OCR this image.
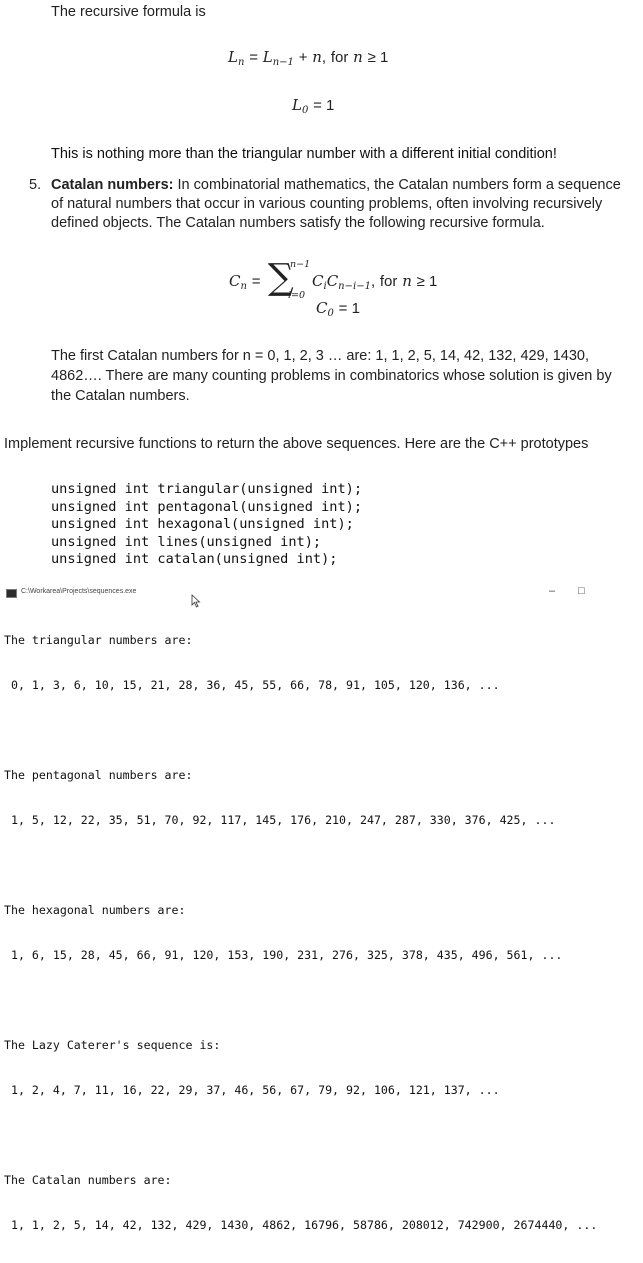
The recursive formula is
$L_n = L_{n-1} + n$, for n ≥ 1
$L_0 = 1$
This is nothing more than the triangular number with a different initial condition!
5. Catalan numbers: In combinatorial mathematics, the Catalan numbers form a sequence
of natural numbers that occur in various counting problems, often involving recursively
defined objects. The Catalan numbers satisfy the following recursive formula.
$C_n$ = ∑
n−1
i=0
$C_iC_{n-i-1}$, for n ≥ 1
$C_0 = 1$
The first Catalan numbers for n = 0, 1, 2, 3 … are: 1, 1, 2, 5, 14, 42, 132, 429, 1430,
4862…. There are many counting problems in combinatorics whose solution is given by
the Catalan numbers.
Implement recursive functions to return the above sequences. Here are the C++ prototypes
unsigned int triangular(unsigned int);
unsigned int pentagonal(unsigned int);
unsigned int hexagonal(unsigned int);
unsigned int lines(unsigned int);
unsigned int catalan(unsigned int);
C:\Workarea\Projects\sequences.exe	– □

The triangular numbers are:

0, 1, 3, 6, 10, 15, 21, 28, 36, 45, 55, 66, 78, 91, 105, 120, 136, ...

The pentagonal numbers are:

1, 5, 12, 22, 35, 51, 70, 92, 117, 145, 176, 210, 247, 287, 330, 376, 425, ...

The hexagonal numbers are:

1, 6, 15, 28, 45, 66, 91, 120, 153, 190, 231, 276, 325, 378, 435, 496, 561, ...

The Lazy Caterer's sequence is:

1, 2, 4, 7, 11, 16, 22, 29, 37, 46, 56, 67, 79, 92, 106, 121, 137, ...

The Catalan numbers are:

1, 1, 2, 5, 14, 42, 132, 429, 1430, 4862, 16796, 58786, 208012, 742900, 2674440, ...
